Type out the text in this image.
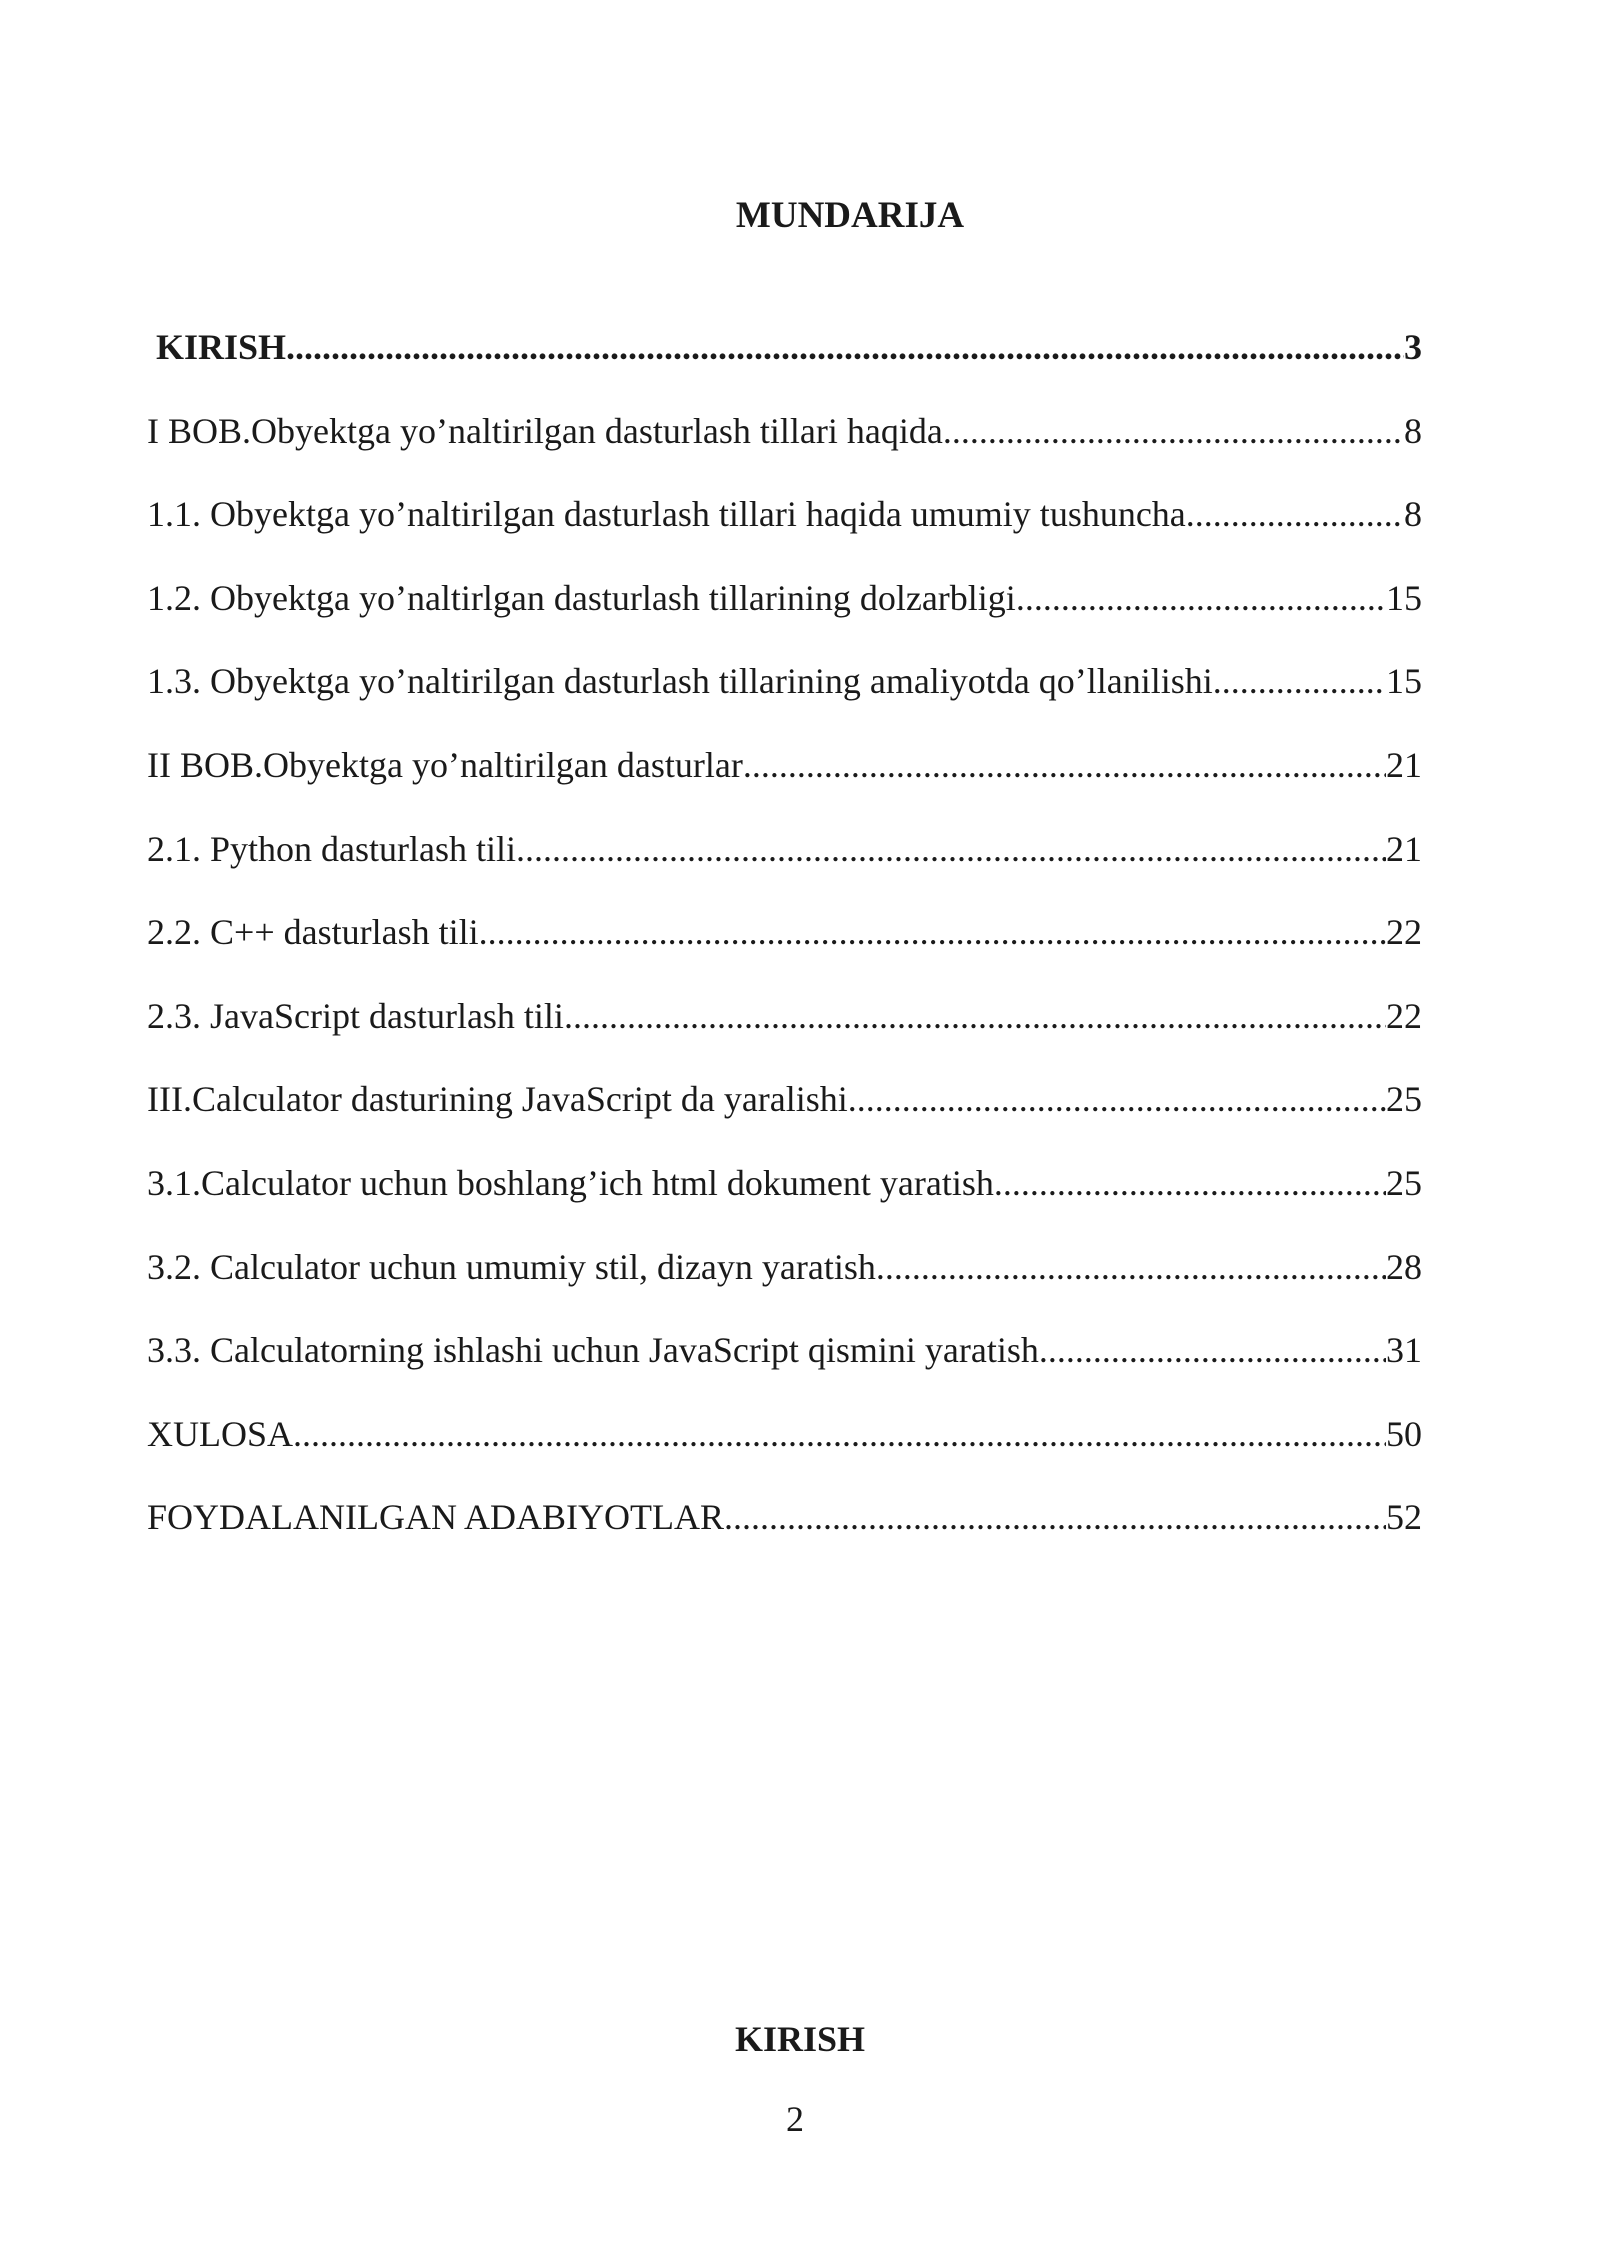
MUNDARIJA
KIRISH .....	3
I BOB.Obyektga yo’naltirilgan dasturlash tillari haqida .....	8
1.1. Obyektga yo’naltirilgan dasturlash tillari haqida umumiy tushuncha .....	8
1.2. Obyektga yo’naltirlgan dasturlash tillarining dolzarbligi .....	15
1.3. Obyektga yo’naltirilgan dasturlash tillarining amaliyotda qo’llanilishi .....	15
II BOB.Obyektga yo’naltirilgan dasturlar .....	21
2.1. Python dasturlash tili .....	21
2.2. C++ dasturlash tili .....	22
2.3. JavaScript dasturlash tili .....	22
III.Calculator dasturining JavaScript da yaralishi .....	25
3.1.Calculator uchun boshlang’ich html dokument yaratish .....	25
3.2. Calculator uchun umumiy stil, dizayn yaratish .....	28
3.3. Calculatorning ishlashi uchun JavaScript qismini yaratish .....	31
XULOSA .....	50
FOYDALANILGAN ADABIYOTLAR .....	52
KIRISH
2
